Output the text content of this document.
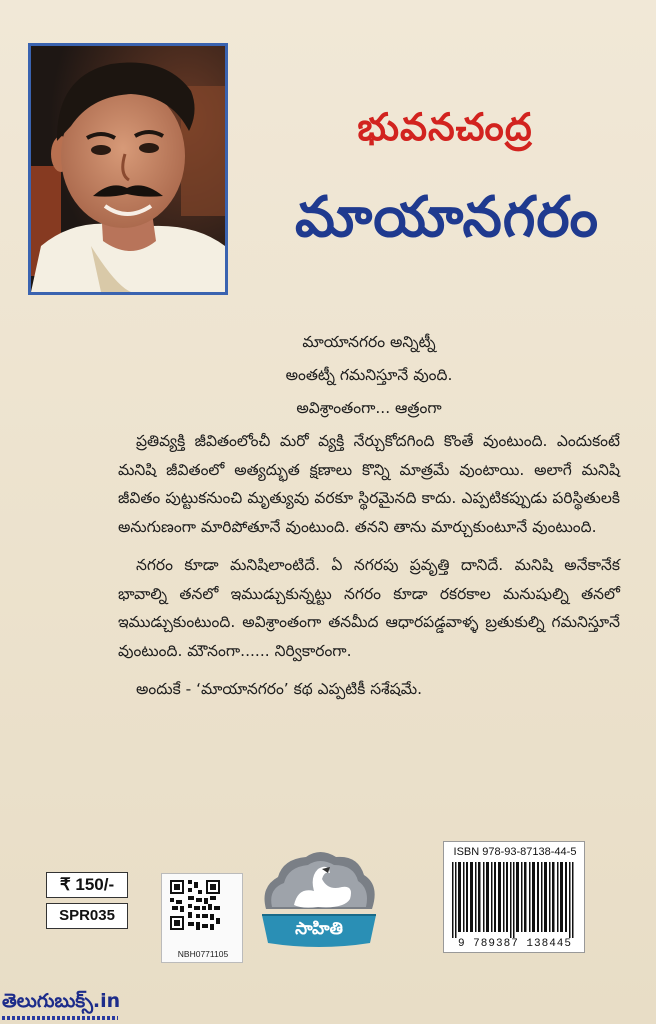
భువనచంద్ర
మాయానగరం
మాయానగరం అన్నిట్నీ
అంతట్నీ గమనిస్తూనే వుంది.
అవిశ్రాంతంగా... ఆత్రంగా
ప్రతివ్యక్తి జీవితంలోంచీ మరో వ్యక్తి నేర్చుకోదగింది కొంతే వుంటుంది. ఎందుకంటే మనిషి జీవితంలో అత్యద్భుత క్షణాలు కొన్ని మాత్రమే వుంటాయి. అలాగే మనిషి జీవితం పుట్టుకనుంచి మృత్యువు వరకూ స్థిరమైనది కాదు. ఎప్పటికప్పుడు పరిస్థితులకి అనుగుణంగా మారిపోతూనే వుంటుంది. తనని తాను మార్చుకుంటూనే వుంటుంది.
నగరం కూడా మనిషిలాంటిదే. ఏ నగరపు ప్రవృత్తి దానిదే. మనిషి అనేకానేక భావాల్ని తనలో ఇముడ్చుకున్నట్టు నగరం కూడా రకరకాల మనుషుల్ని తనలో ఇముడ్చుకుంటుంది. అవిశ్రాంతంగా తనమీద ఆధారపడ్డవాళ్ళ బ్రతుకుల్ని గమనిస్తూనే వుంటుంది. మౌనంగా...... నిర్వికారంగా.
అందుకే - ‘మాయానగరం’ కథ ఎప్పటికీ సశేషమే.
₹ 150/-
SPR035
NBH0771105
సాహితి
ISBN 978-93-87138-44-5
9 789387 138445
తెలుగుబుక్స్.in
